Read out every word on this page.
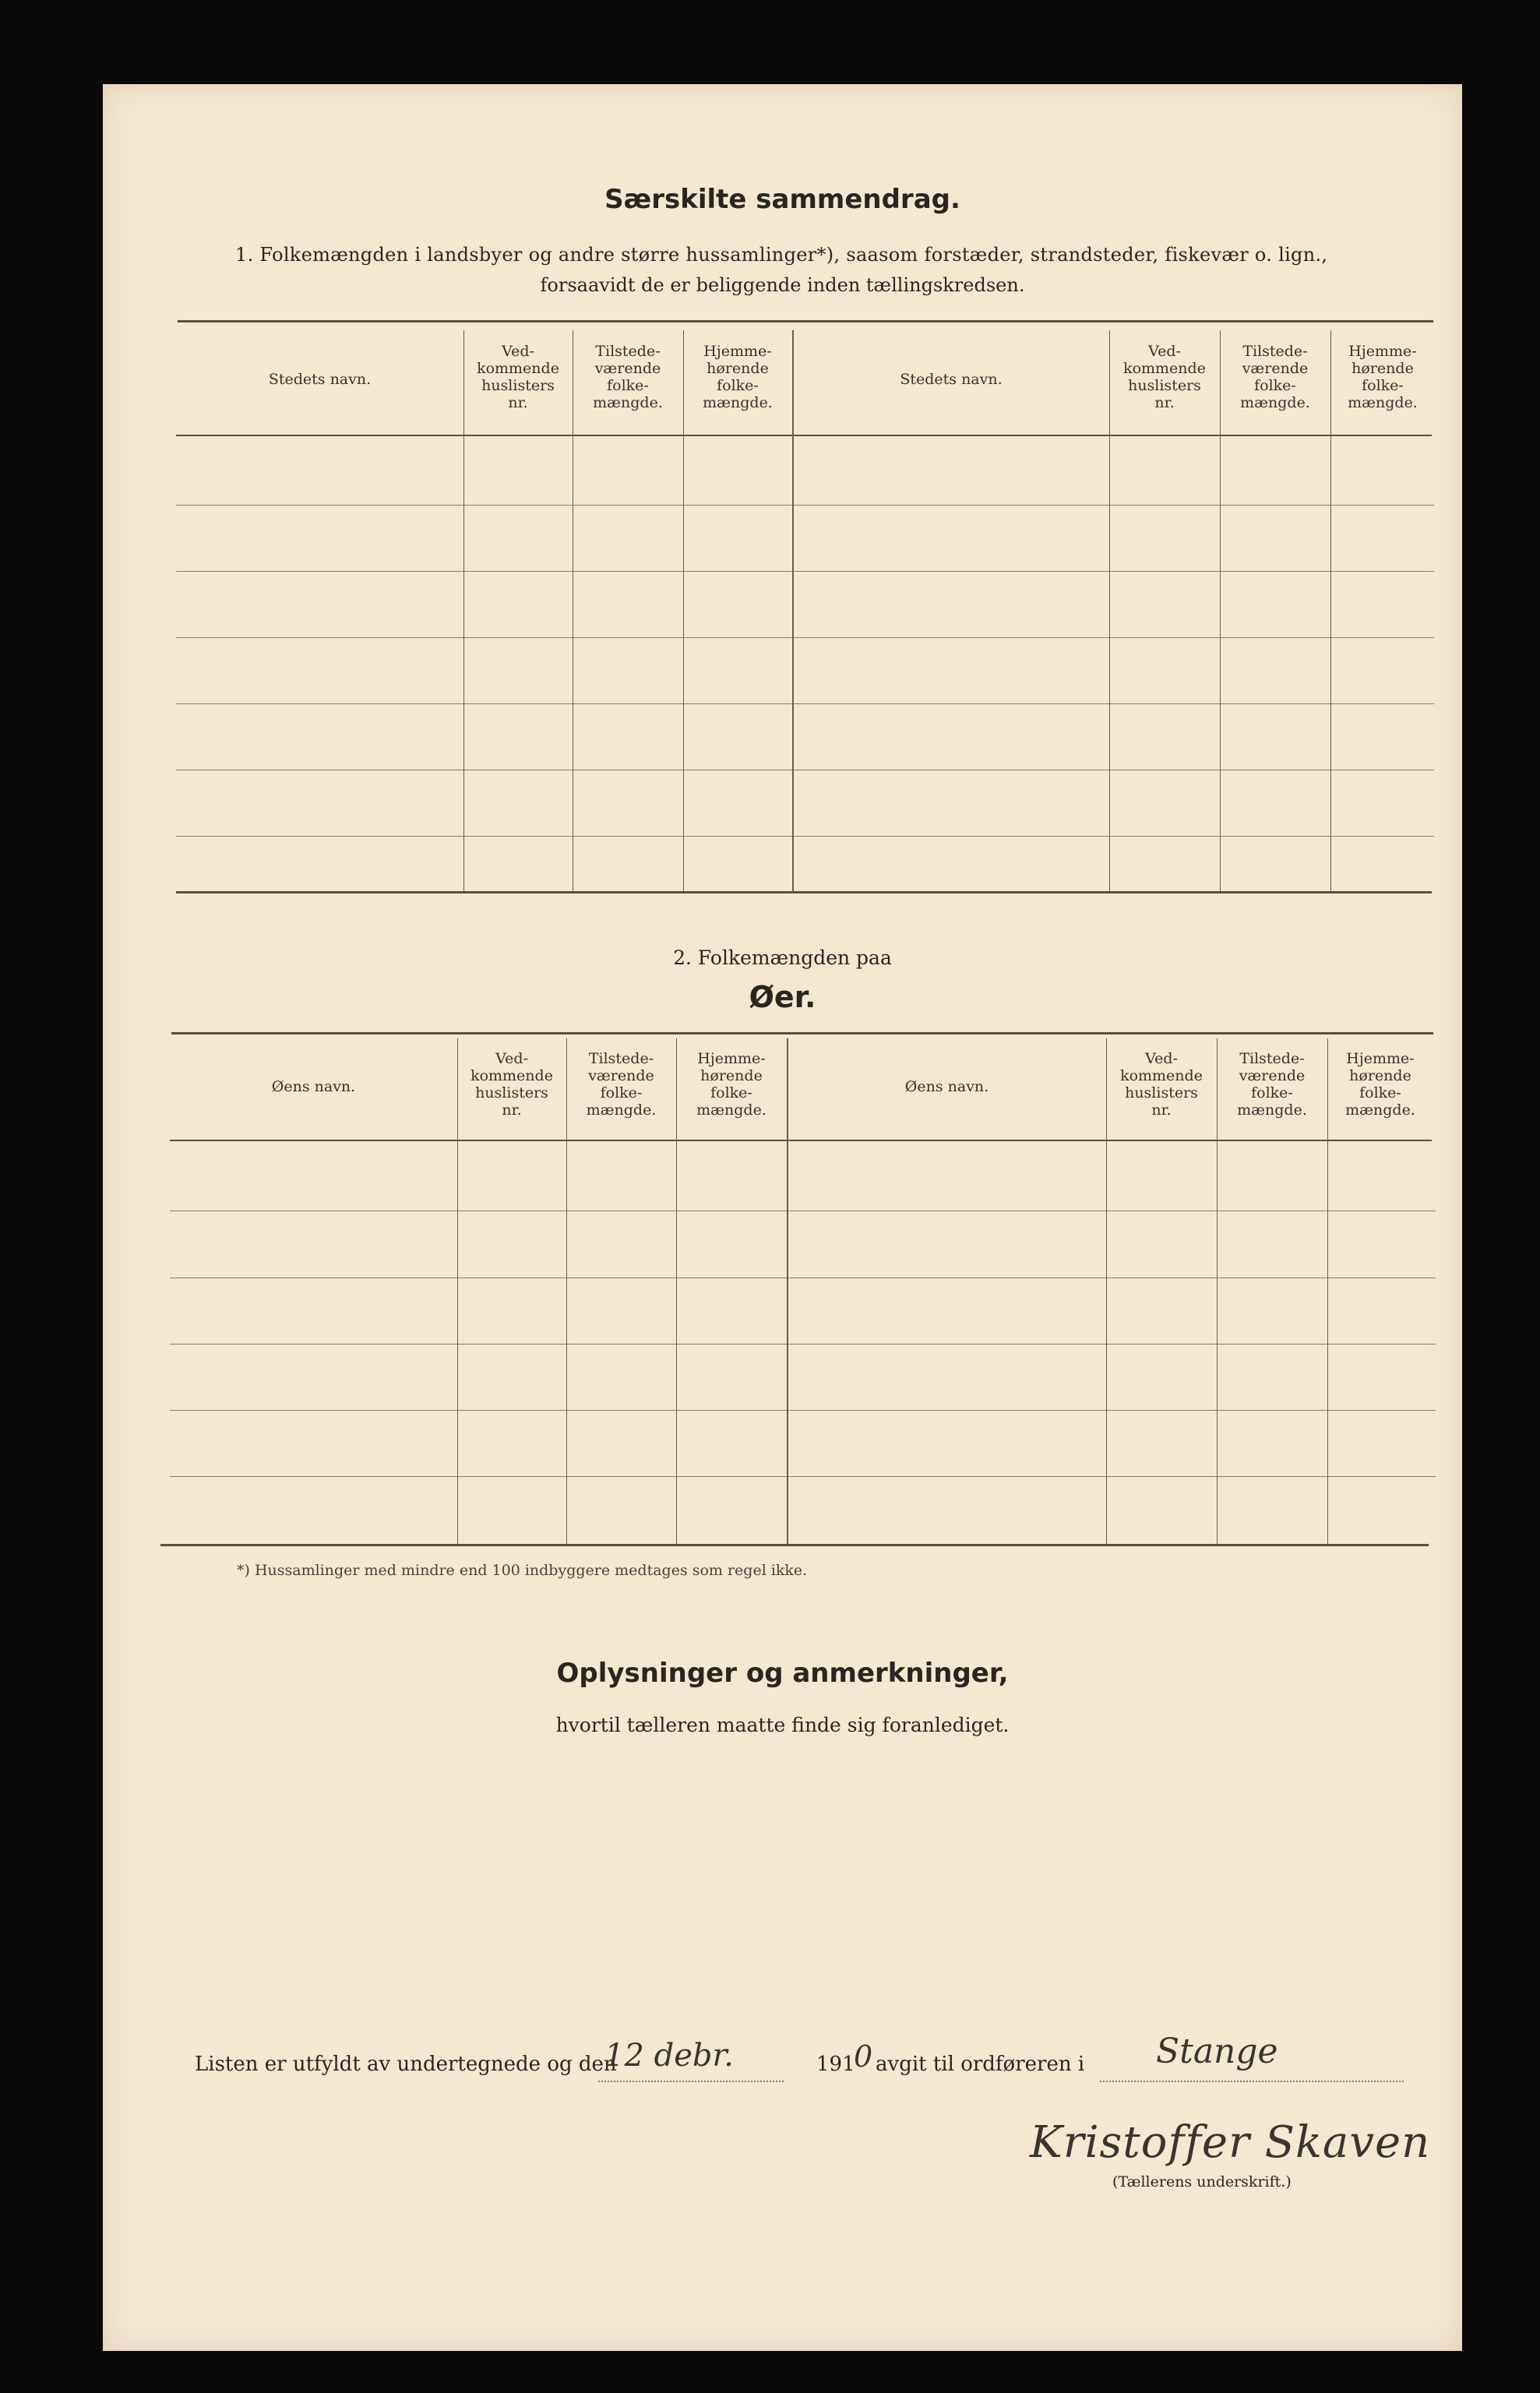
Særskilte sammendrag.
1. Folkemængden i landsbyer og andre større hussamlinger*), saasom forstæder, strandsteder, fiskevær o. lign.,
forsaavidt de er beliggende inden tællingskredsen.
Stedets navn.
Ved-
kommende
huslisters
nr.
Tilstede-
værende
folke-
mængde.
Hjemme-
hørende
folke-
mængde.
Stedets navn.
Ved-
kommende
huslisters
nr.
Tilstede-
værende
folke-
mængde.
Hjemme-
hørende
folke-
mængde.
2. Folkemængden paa
Øer.
Øens navn.
Ved-
kommende
huslisters
nr.
Tilstede-
værende
folke-
mængde.
Hjemme-
hørende
folke-
mængde.
Øens navn.
Ved-
kommende
huslisters
nr.
Tilstede-
værende
folke-
mængde.
Hjemme-
hørende
folke-
mængde.
*) Hussamlinger med mindre end 100 indbyggere medtages som regel ikke.
Oplysninger og anmerkninger,
hvortil tælleren maatte finde sig foranlediget.
Listen er utfyldt av undertegnede og den
12 debr.	191
0 avgit til ordføreren i Stange
Kristoffer Skaven
(Tællerens underskrift.)
